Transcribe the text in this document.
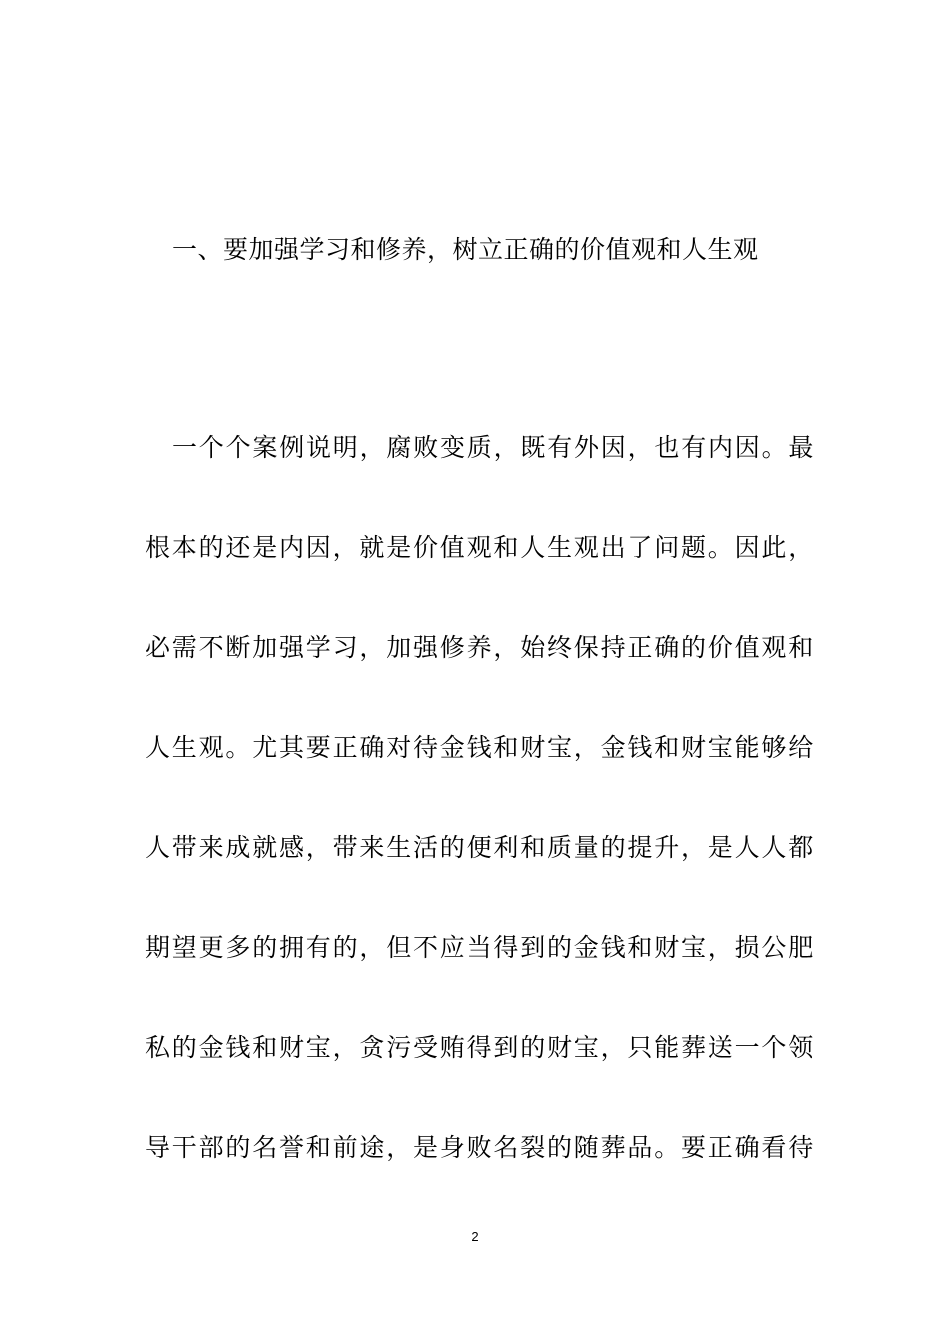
一、要加强学习和修养，树立正确的价值观和人生观
一个个案例说明，腐败变质，既有外因，也有内因。最
根本的还是内因，就是价值观和人生观出了问题。因此，
必需不断加强学习，加强修养，始终保持正确的价值观和
人生观。尤其要正确对待金钱和财宝，金钱和财宝能够给
人带来成就感，带来生活的便利和质量的提升，是人人都
期望更多的拥有的，但不应当得到的金钱和财宝，损公肥
私的金钱和财宝，贪污受贿得到的财宝，只能葬送一个领
导干部的名誉和前途，是身败名裂的随葬品。要正确看待
2
